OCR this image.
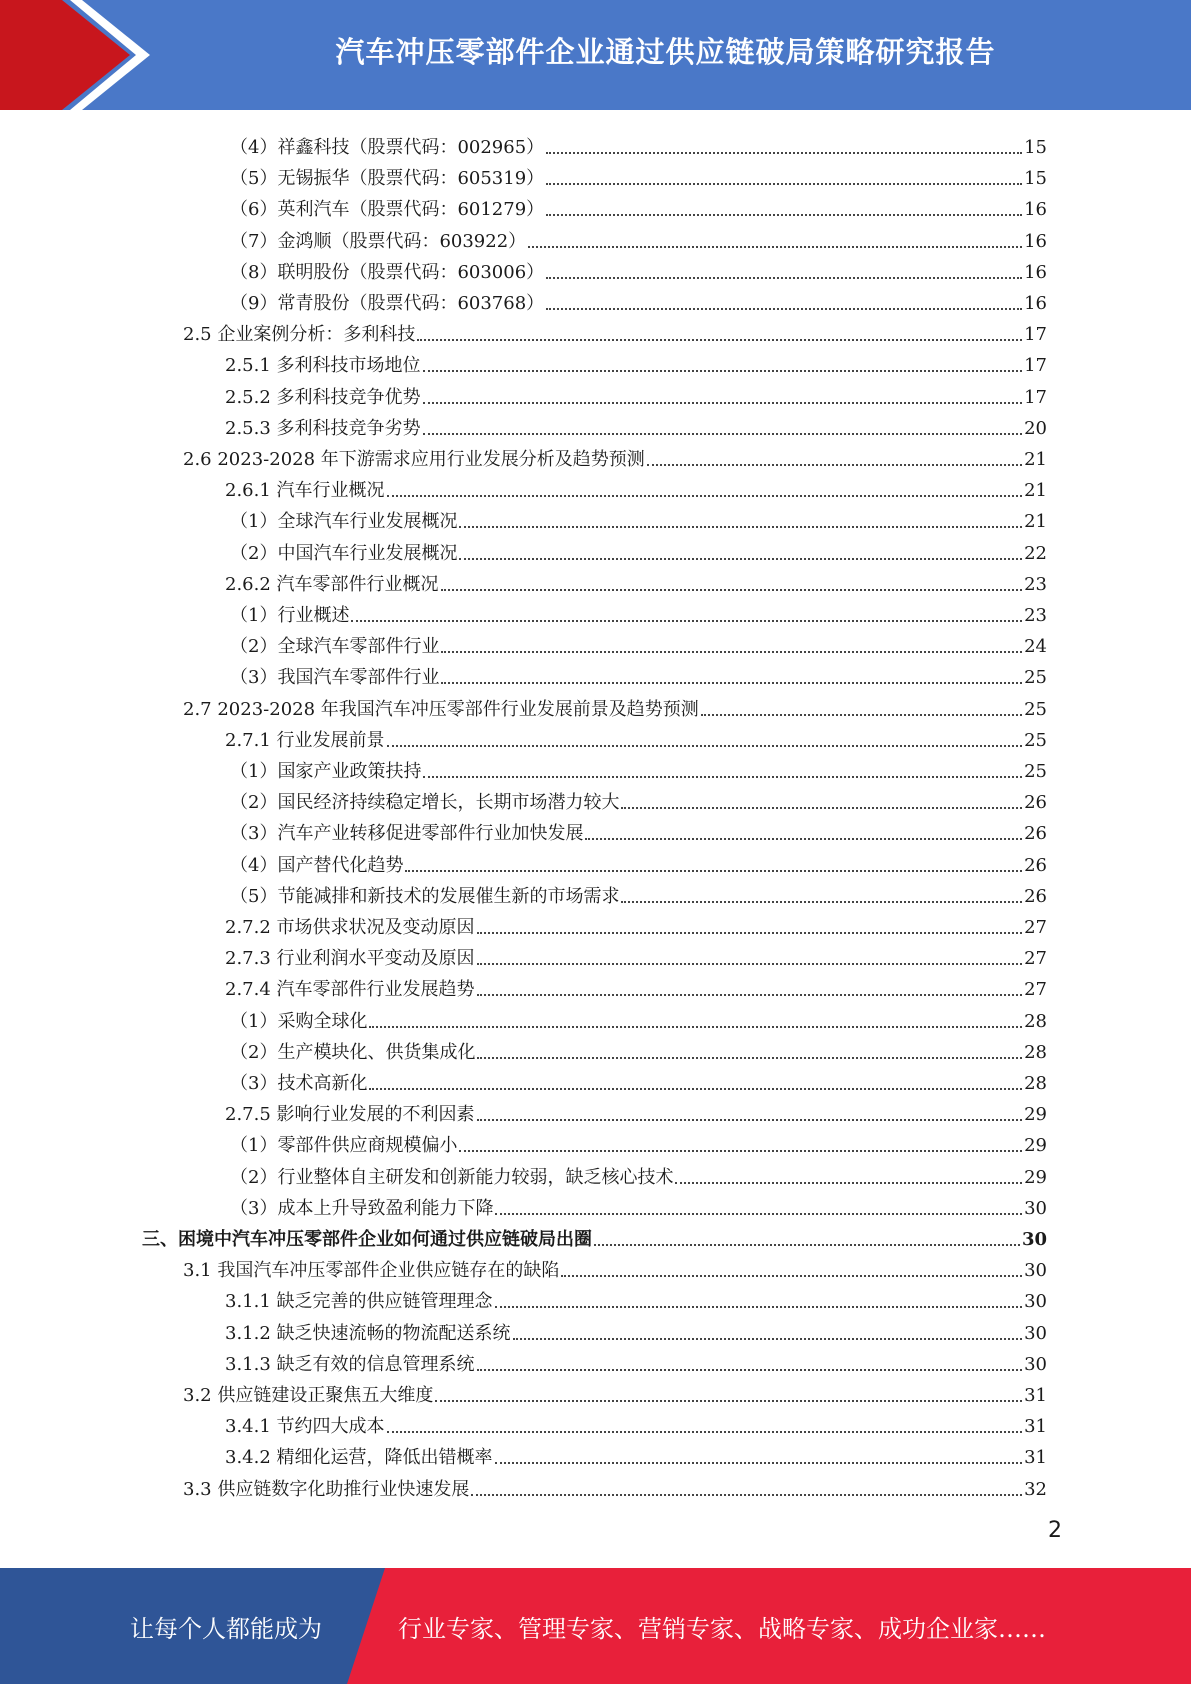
汽车冲压零部件企业通过供应链破局策略研究报告
（4）祥鑫科技（股票代码：002965）	15
（5）无锡振华（股票代码：605319）	15
（6）英利汽车（股票代码：601279）	16
（7）金鸿顺（股票代码：603922）	16
（8）联明股份（股票代码：603006）	16
（9）常青股份（股票代码：603768）	16
2.5 企业案例分析：多利科技	17
2.5.1 多利科技市场地位	17
2.5.2 多利科技竞争优势	17
2.5.3 多利科技竞争劣势	20
2.6 2023-2028 年下游需求应用行业发展分析及趋势预测	21
2.6.1 汽车行业概况	21
（1）全球汽车行业发展概况	21
（2）中国汽车行业发展概况	22
2.6.2 汽车零部件行业概况	23
（1）行业概述	23
（2）全球汽车零部件行业	24
（3）我国汽车零部件行业	25
2.7 2023-2028 年我国汽车冲压零部件行业发展前景及趋势预测	25
2.7.1 行业发展前景	25
（1）国家产业政策扶持	25
（2）国民经济持续稳定增长，长期市场潜力较大	26
（3）汽车产业转移促进零部件行业加快发展	26
（4）国产替代化趋势	26
（5）节能减排和新技术的发展催生新的市场需求	26
2.7.2 市场供求状况及变动原因	27
2.7.3 行业利润水平变动及原因	27
2.7.4 汽车零部件行业发展趋势	27
（1）采购全球化	28
（2）生产模块化、供货集成化	28
（3）技术高新化	28
2.7.5 影响行业发展的不利因素	29
（1）零部件供应商规模偏小	29
（2）行业整体自主研发和创新能力较弱，缺乏核心技术	29
（3）成本上升导致盈利能力下降	30
三、困境中汽车冲压零部件企业如何通过供应链破局出圈	30
3.1 我国汽车冲压零部件企业供应链存在的缺陷	30
3.1.1 缺乏完善的供应链管理理念	30
3.1.2 缺乏快速流畅的物流配送系统	30
3.1.3 缺乏有效的信息管理系统	30
3.2 供应链建设正聚焦五大维度	31
3.4.1 节约四大成本	31
3.4.2 精细化运营，降低出错概率	31
3.3 供应链数字化助推行业快速发展	32
2
让每个人都能成为	行业专家、管理专家、营销专家、战略专家、成功企业家……
